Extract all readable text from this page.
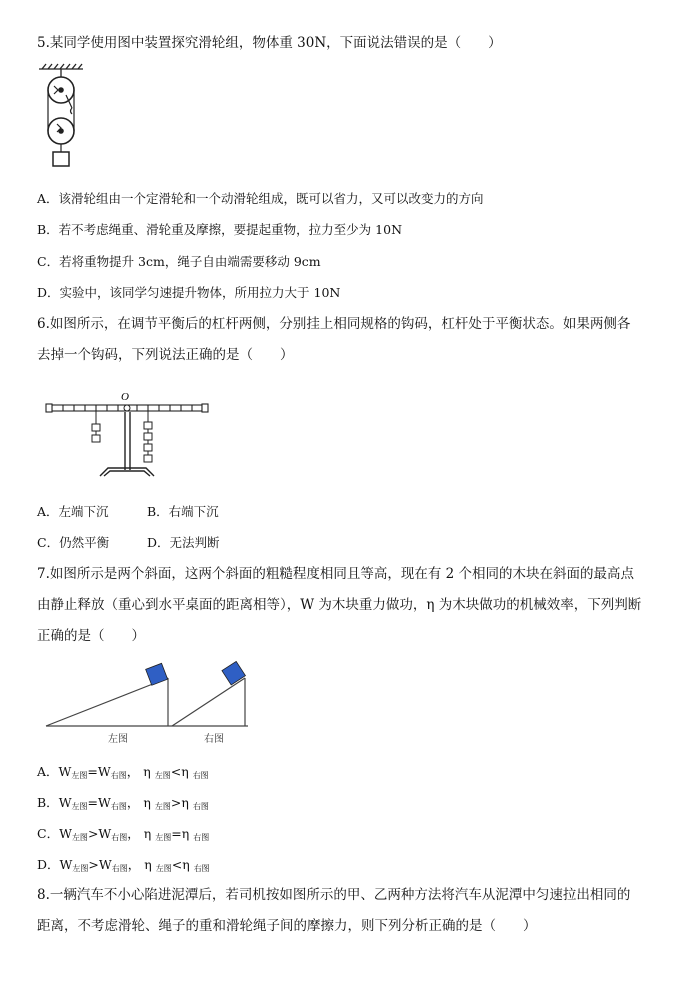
5.某同学使用图中装置探究滑轮组，物体重 30N，下面说法错误的是（　　）
A．该滑轮组由一个定滑轮和一个动滑轮组成，既可以省力，又可以改变力的方向
B．若不考虑绳重、滑轮重及摩擦，要提起重物，拉力至少为 10N
C．若将重物提升 3cm，绳子自由端需要移动 9cm
D．实验中，该同学匀速提升物体，所用拉力大于 10N
6.如图所示，在调节平衡后的杠杆两侧，分别挂上相同规格的钩码，杠杆处于平衡状态。如果两侧各
去掉一个钩码，下列说法正确的是（　　）
O
A．左端下沉	B．右端下沉
C．仍然平衡	D．无法判断
7.如图所示是两个斜面，这两个斜面的粗糙程度相同且等高，现在有 2 个相同的木块在斜面的最高点
由静止释放（重心到水平桌面的距离相等），W 为木块重力做功，η 为木块做功的机械效率，下列判断
正确的是（　　）
左图	右图
A．$W_{左图}=W_{右图}$， η $_{左图}$<η $_{右图}$
B．$W_{左图}=W_{右图}$， η $_{左图}$>η $_{右图}$
C．$W_{左图}>W_{右图}$， η $_{左图}$=η $_{右图}$
D．$W_{左图}>W_{右图}$， η $_{左图}$<η $_{右图}$
8.一辆汽车不小心陷进泥潭后，若司机按如图所示的甲、乙两种方法将汽车从泥潭中匀速拉出相同的
距离，不考虑滑轮、绳子的重和滑轮绳子间的摩擦力，则下列分析正确的是（　　）
